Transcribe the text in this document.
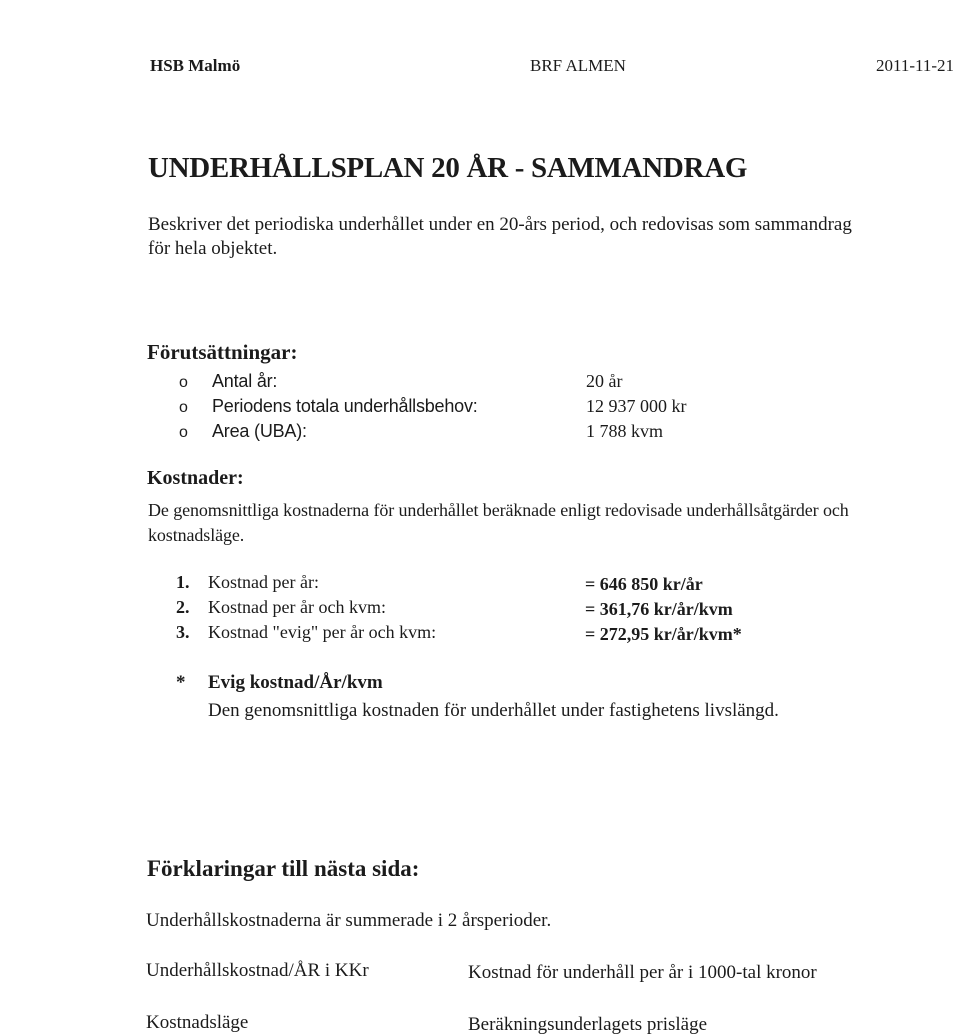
HSB Malmö	BRF ALMEN	2011-11-21
UNDERHÅLLSPLAN 20 ÅR - SAMMANDRAG
Beskriver det periodiska underhållet under en 20-års period, och redovisas som sammandrag för hela objektet.
Förutsättningar:
o Antal år:	20 år
o Periodens totala underhållsbehov:	12 937 000 kr
o Area (UBA):	1 788 kvm
Kostnader:
De genomsnittliga kostnaderna för underhållet beräknade enligt redovisade underhållsåtgärder och kostnadsläge.
1. Kostnad per år:	= 646 850 kr/år
2. Kostnad per år och kvm:	= 361,76 kr/år/kvm
3. Kostnad "evig" per år och kvm:	= 272,95 kr/år/kvm*
* Evig kostnad/År/kvm
Den genomsnittliga kostnaden för underhållet under fastighetens livslängd.
Förklaringar till nästa sida:
Underhållskostnaderna är summerade i 2 årsperioder.
Underhållskostnad/ÅR i KKr	Kostnad för underhåll per år i 1000-tal kronor
Kostnadsläge	Beräkningsunderlagets prisläge
